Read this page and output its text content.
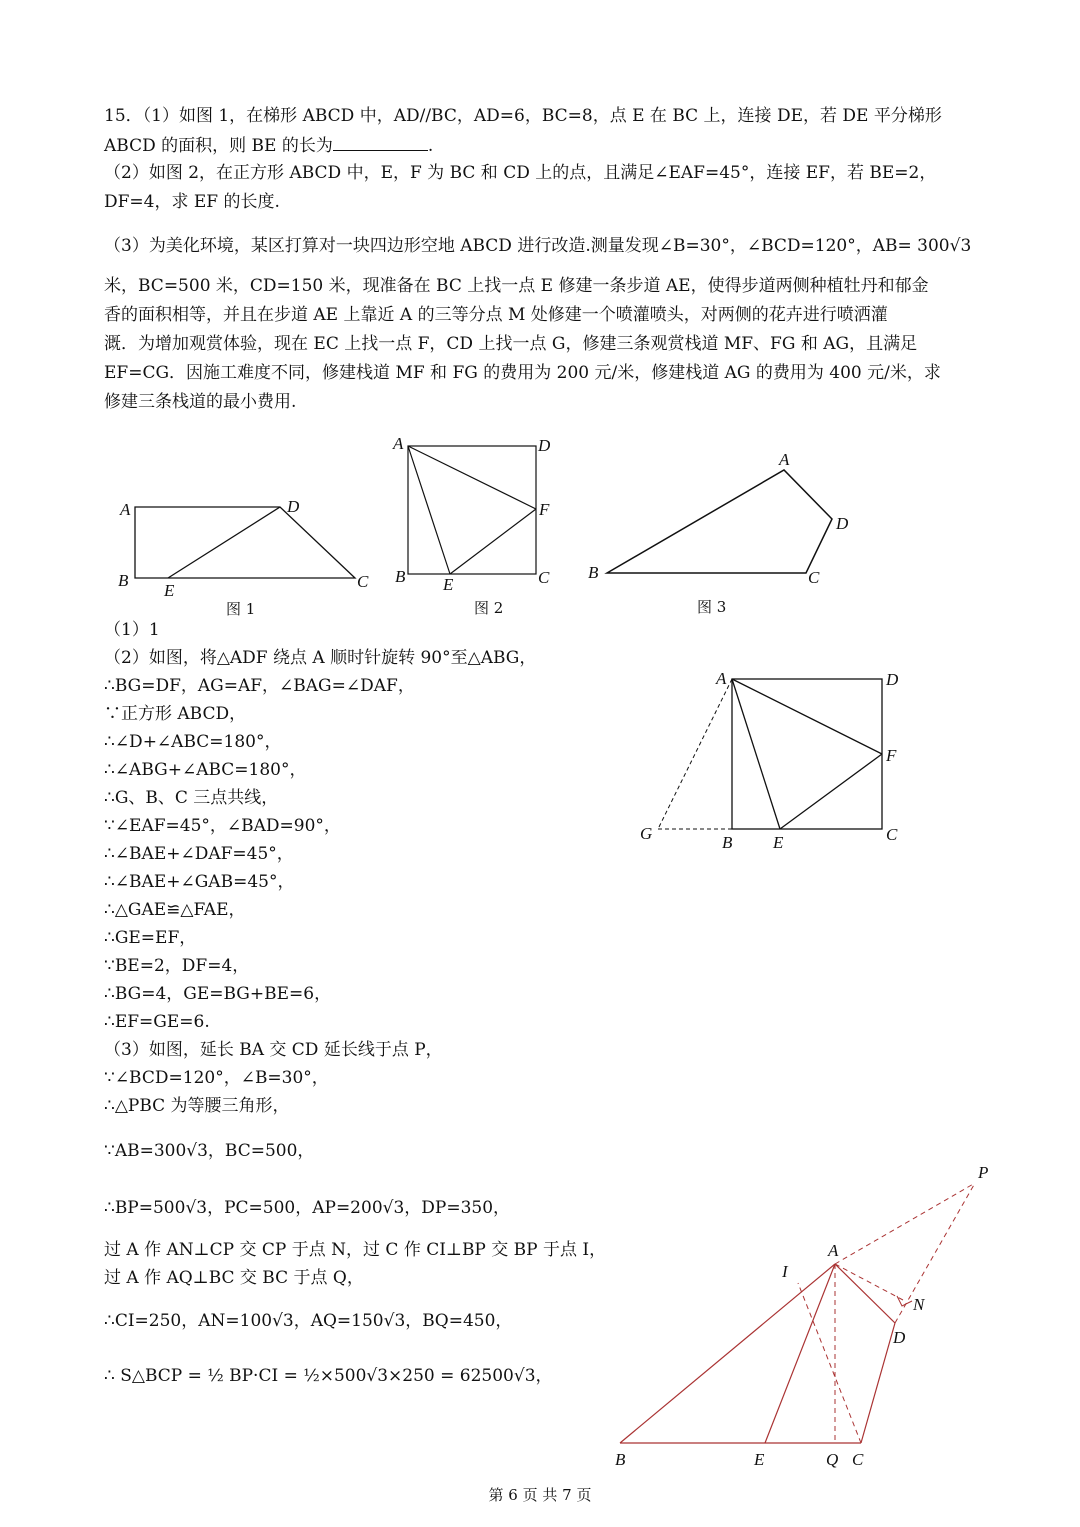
15．（1）如图 1，在梯形 ABCD 中，AD//BC，AD=6，BC=8，点 E 在 BC 上，连接 DE，若 DE 平分梯形
ABCD 的面积，则 BE 的长为	.
（2）如图 2，在正方形 ABCD 中，E，F 为 BC 和 CD 上的点，且满足∠EAF=45°，连接 EF，若 BE=2，
DF=4，求 EF 的长度.
（3）为美化环境，某区打算对一块四边形空地 ABCD 进行改造.测量发现∠B=30°，∠BCD=120°，AB= 300√3
米，BC=500 米，CD=150 米，现准备在 BC 上找一点 E 修建一条步道 AE，使得步道两侧种植牡丹和郁金
香的面积相等，并且在步道 AE 上靠近 A 的三等分点 M 处修建一个喷灌喷头，对两侧的花卉进行喷洒灌
溉．为增加观赏体验，现在 EC 上找一点 F，CD 上找一点 G，修建三条观赏栈道 MF、FG 和 AG，且满足
EF=CG．因施工难度不同，修建栈道 MF 和 FG 的费用为 200 元/米，修建栈道 AG 的费用为 400 元/米，求
修建三条栈道的最小费用.
A	D
B
E	C
A	D
F
B E	C
A
D
B	C
图 1	图 2	图 3
（1）1
（2）如图，将△ADF 绕点 A 顺时针旋转 90°至△ABG，
∴BG=DF，AG=AF，∠BAG=∠DAF，
∵正方形 ABCD，
∴∠D+∠ABC=180°，
∴∠ABG+∠ABC=180°，
∴G、B、C 三点共线，
∵∠EAF=45°，∠BAD=90°，
∴∠BAE+∠DAF=45°，
∴∠BAE+∠GAB=45°，
∴△GAE≌△FAE，
∴GE=EF，
∵BE=2，DF=4，
∴BG=4，GE=BG+BE=6，
∴EF=GE=6.
（3）如图，延长 BA 交 CD 延长线于点 P，
∵∠BCD=120°，∠B=30°，
∴△PBC 为等腰三角形，
∵AB=300√3，BC=500，
∴BP=500√3，PC=500，AP=200√3，DP=350，
过 A 作 AN⊥CP 交 CP 于点 N，过 C 作 CI⊥BP 交 BP 于点 I，
过 A 作 AQ⊥BC 交 BC 于点 Q，
∴CI=250，AN=100√3，AQ=150√3，BQ=450，
∴ S△BCP = ½ BP·CI = ½×500√3×250 = 62500√3，
A	D
F
G	B E	C
P
A
I
N
D
B	E	Q C
第 6 页 共 7 页
